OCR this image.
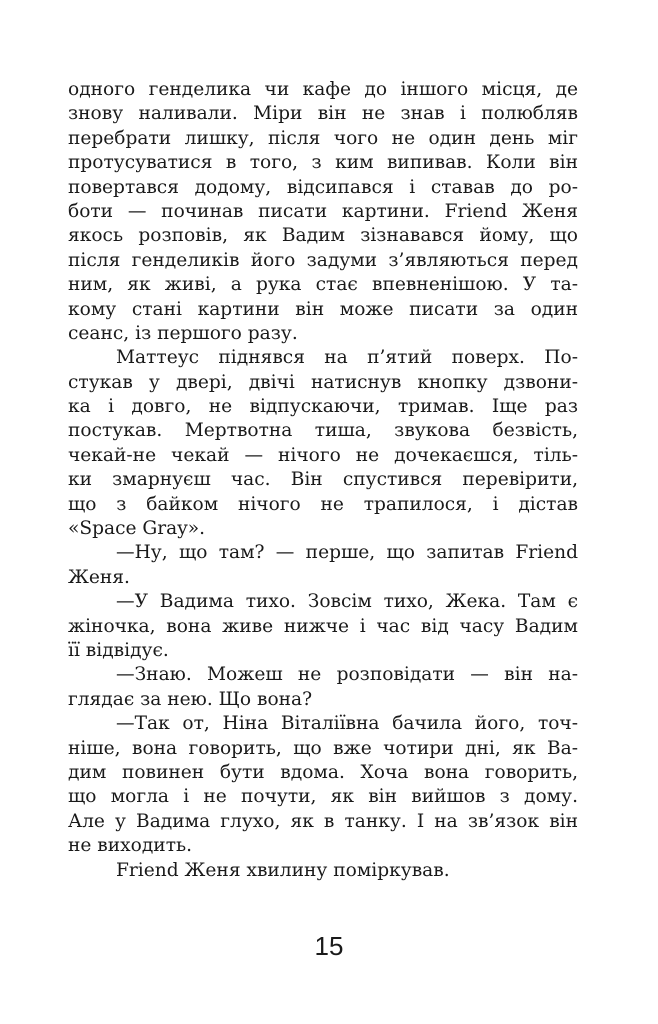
одного генделика чи кафе до іншого місця, де
знову наливали. Міри він не знав і полюбляв
перебрати лишку, після чого не один день міг
протусуватися в того, з ким випивав. Коли він
повертався додому, відсипався і ставав до ро-
боти — починав писати картини. Friend Женя
якось розповів, як Вадим зізнавався йому, що
після генделиків його задуми з’являються перед
ним, як живі, а рука стає впевненішою. У та-
кому стані картини він може писати за один
сеанс, із першого разу.
Маттеус піднявся на п’ятий поверх. По-
стукав у двері, двічі натиснув кнопку дзвони-
ка і довго, не відпускаючи, тримав. Іще раз
постукав. Мертвотна тиша, звукова безвість,
чекай-не чекай — нічого не дочекаєшся, тіль-
ки змарнуєш час. Він спустився перевірити,
що з байком нічого не трапилося, і дістав
«Space Gray».
—Ну, що там? — перше, що запитав Friend
Женя.
—У Вадима тихо. Зовсім тихо, Жека. Там є
жіночка, вона живе нижче і час від часу Вадим
її відвідує.
—Знаю. Можеш не розповідати — він на-
глядає за нею. Що вона?
—Так от, Ніна Віталіївна бачила його, точ-
ніше, вона говорить, що вже чотири дні, як Ва-
дим повинен бути вдома. Хоча вона говорить,
що могла і не почути, як він вийшов з дому.
Але у Вадима глухо, як в танку. І на зв’язок він
не виходить.
Friend Женя хвилину поміркував.
15
